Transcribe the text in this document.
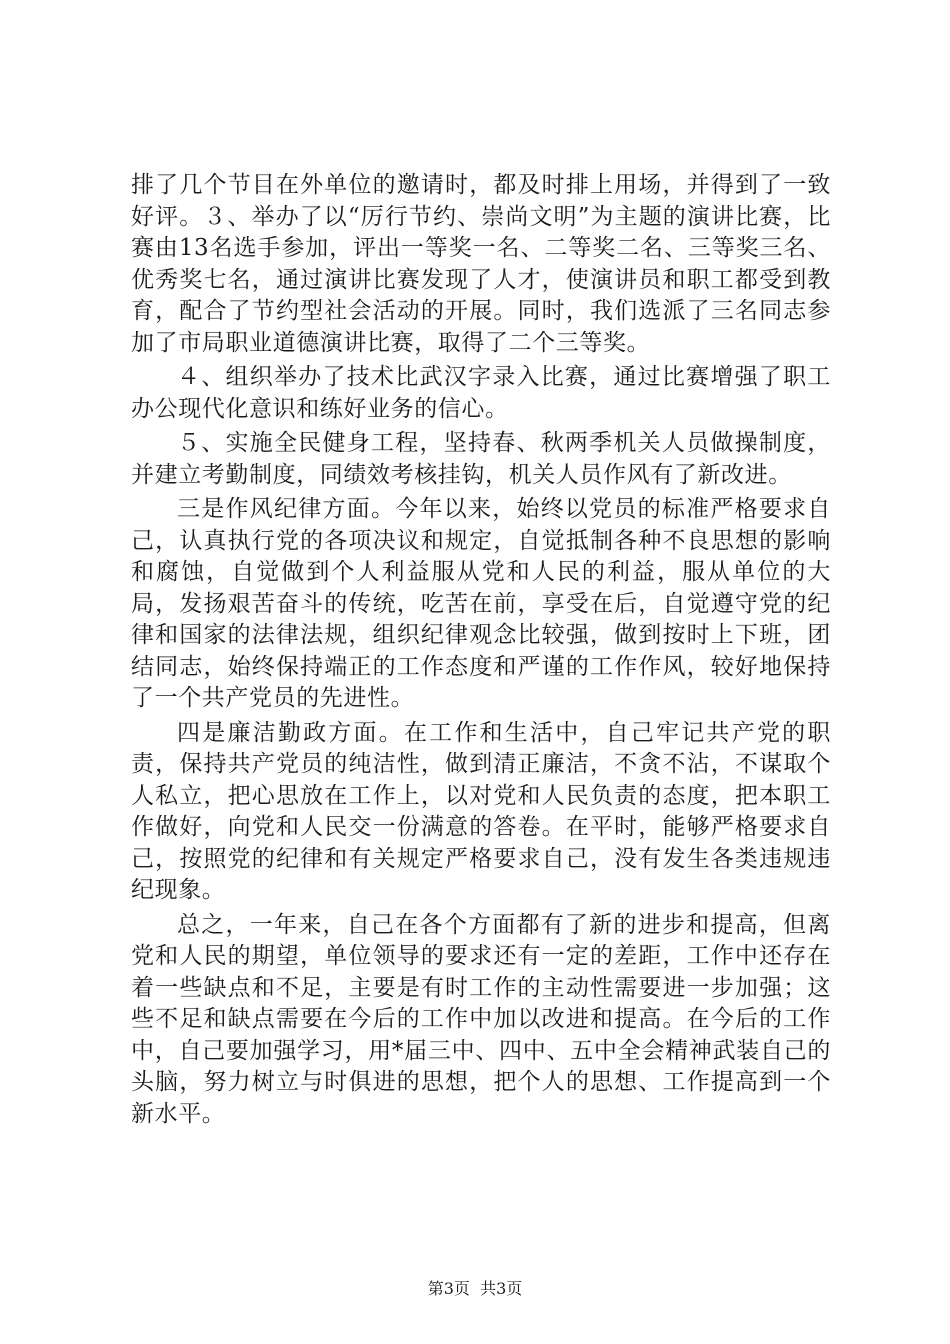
排了几个节目在外单位的邀请时，都及时排上用场，并得到了一致好评。３、举办了以“厉行节约、崇尚文明”为主题的演讲比赛，比赛由13名选手参加，评出一等奖一名、二等奖二名、三等奖三名、优秀奖七名，通过演讲比赛发现了人才，使演讲员和职工都受到教育，配合了节约型社会活动的开展。同时，我们选派了三名同志参加了市局职业道德演讲比赛，取得了二个三等奖。

４、组织举办了技术比武汉字录入比赛，通过比赛增强了职工办公现代化意识和练好业务的信心。

５、实施全民健身工程，坚持春、秋两季机关人员做操制度，并建立考勤制度，同绩效考核挂钩，机关人员作风有了新改进。

三是作风纪律方面。今年以来，始终以党员的标准严格要求自己，认真执行党的各项决议和规定，自觉抵制各种不良思想的影响和腐蚀，自觉做到个人利益服从党和人民的利益，服从单位的大局，发扬艰苦奋斗的传统，吃苦在前，享受在后，自觉遵守党的纪律和国家的法律法规，组织纪律观念比较强，做到按时上下班，团结同志，始终保持端正的工作态度和严谨的工作作风，较好地保持了一个共产党员的先进性。

四是廉洁勤政方面。在工作和生活中，自己牢记共产党的职责，保持共产党员的纯洁性，做到清正廉洁，不贪不沾，不谋取个人私立，把心思放在工作上，以对党和人民负责的态度，把本职工作做好，向党和人民交一份满意的答卷。在平时，能够严格要求自己，按照党的纪律和有关规定严格要求自己，没有发生各类违规违纪现象。

总之，一年来，自己在各个方面都有了新的进步和提高，但离党和人民的期望，单位领导的要求还有一定的差距，工作中还存在着一些缺点和不足，主要是有时工作的主动性需要进一步加强；这些不足和缺点需要在今后的工作中加以改进和提高。在今后的工作中，自己要加强学习，用*届三中、四中、五中全会精神武装自己的头脑，努力树立与时俱进的思想，把个人的思想、工作提高到一个新水平。

第3页  共3页
